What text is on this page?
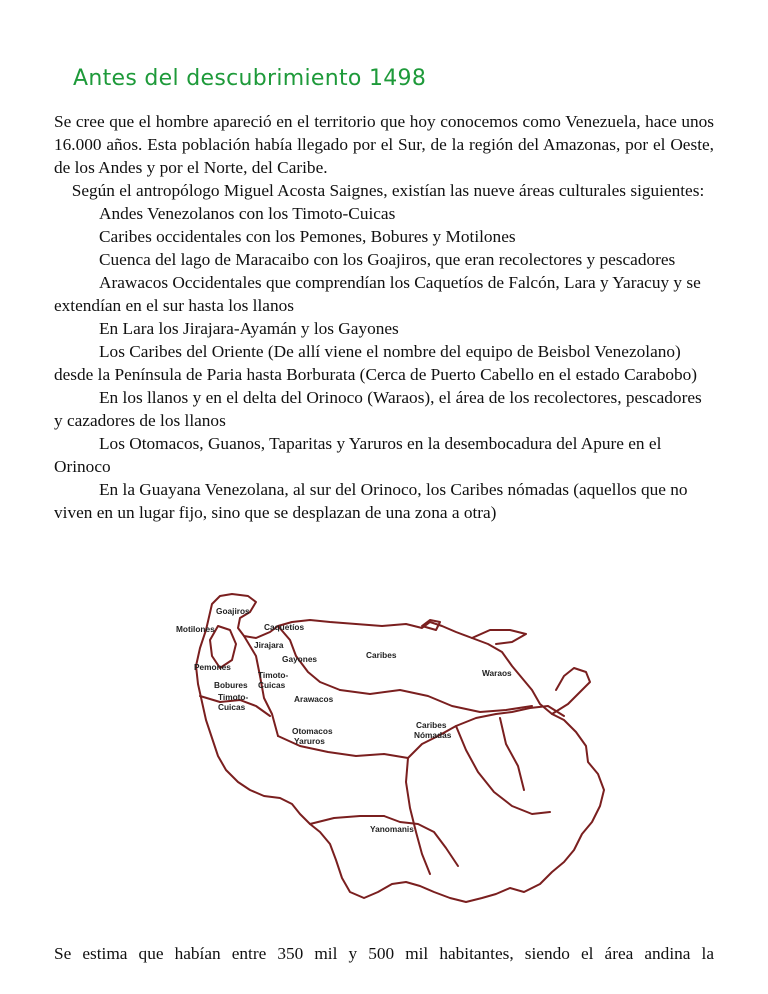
Antes del descubrimiento 1498

Se cree que el hombre apareció en el territorio que hoy conocemos como Venezuela, hace unos 16.000 años. Esta población había llegado por el Sur, de la región del Amazonas, por el Oeste, de los Andes y por el Norte, del Caribe.

Según el antropólogo Miguel Acosta Saignes, existían las nueve áreas culturales siguientes:

Andes Venezolanos con los Timoto-Cuicas

Caribes occidentales con los Pemones, Bobures y Motilones

Cuenca del lago de Maracaibo con los Goajiros, que eran recolectores y pescadores

Arawacos Occidentales que comprendían los Caquetíos de Falcón, Lara y Yaracuy y se extendían en el sur hasta los llanos

En Lara los Jirajara-Ayamán y los Gayones

Los Caribes del Oriente (De allí viene el nombre del equipo de Beisbol Venezolano) desde la Península de Paria hasta Borburata (Cerca de Puerto Cabello en el estado Carabobo)

En los llanos y en el delta del Orinoco (Waraos), el área de los recolectores, pescadores y cazadores de los llanos

Los Otomacos, Guanos, Taparitas y Yaruros en la desembocadura del Apure en el Orinoco

En la Guayana Venezolana, al sur del Orinoco, los Caribes nómadas (aquellos que no viven en un lugar fijo, sino que se desplazan de una zona a otra)

Goajiros
Motilones	Caquetíos
Jirajara
Gayones	Caribes
Waraos
Pemones
Timoto-
Cuicas
Bobures
Timoto-
Cuicas
Arawacos
Otomacos
Yaruros
Caribes
Nómadas
Yanomanis

Se estima que habían entre 350 mil y 500 mil habitantes, siendo el área andina la
